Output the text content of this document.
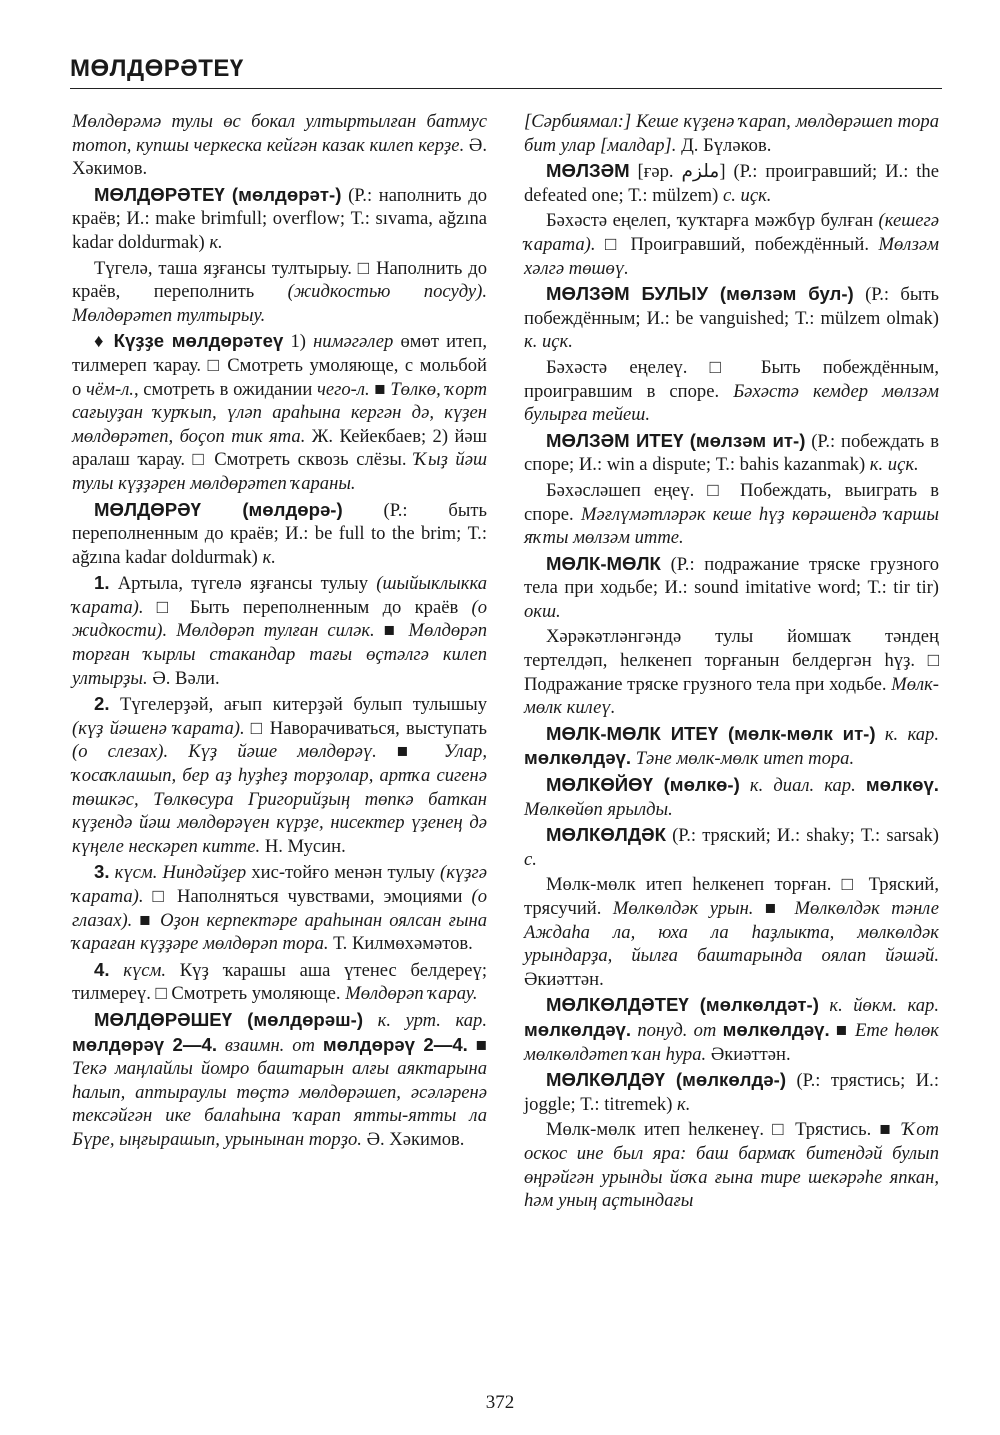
МӨЛДӨРӘТЕҮ

Мөлдөрәмә тулы өс бокал ултыртылған батмус тотоп, купшы черкеска кейгән казак килеп керҙе. Ә. Хәкимов.

МӨЛДӨРӘТЕҮ (мөлдөрәт-) (Р.: наполнить до краёв; И.: make brimfull; overflow; Т.: sıvama, ağzına kadar doldurmak) к.

Түгелә, таша яҙғансы тултырыу. □ Наполнить до краёв, переполнить (жидкостью посуду). Мөлдөрәтеп тултырыу.

♦ Күҙҙе мөлдөрәтеү 1) нимәгәлер өмөт итеп, тилмереп ҡарау. □ Смотреть умоляюще, с мольбой о чём-л., смотреть в ожидании чего-л. ■ Төлкө, ҡорт сағыуҙан ҡурҡып, үләп араһына кергән дә, күҙен мөлдөрәтеп, боҫоп тик ята. Ж. Кейекбаев; 2) йәш аралаш ҡарау. □ Смотреть сквозь слёзы. Ҡыҙ йәш тулы күҙҙәрен мөлдөрәтеп ҡараны.

МӨЛДӨРӘҮ (мөлдөрә-) (Р.: быть переполненным до краёв; И.: be full to the brim; Т.: ağzına kadar doldurmak) к.

1. Артыла, түгелә яҙғансы тулыу (шыйыклыкка ҡарата). □ Быть переполненным до краёв (о жидкости). Мөлдөрәп тулған силәк. ■ Мөлдөрәп торған ҡырлы стакандар тағы өҫтәлгә килеп ултырҙы. Ә. Вәли.

2. Түгелерҙәй, ағып китерҙәй булып тулышыу (күҙ йәшенә ҡарата). □ Наворачиваться, выступать (о слезах). Күҙ йәше мөлдөрәү. ■ Улар, ҡосаҡлашып, бер аҙ һуҙһеҙ торҙолар, артҡа сигенә төшкәс, Төлкөсура Григорийҙың төпкә баткан күҙендә йәш мөлдөрәүен күрҙе, нисектер үҙенең дә күңеле нескәреп китте. Н. Мусин.

3. күсм. Ниндәйҙер хис-тойғо менән тулыу (күҙгә ҡарата). □ Наполняться чувствами, эмоциями (о глазах). ■ Оҙон керпектәре араһынан оялсан ғына ҡараған күҙҙәре мөлдөрәп тора. Т. Килмөхәмәтов.

4. күсм. Күҙ ҡарашы аша үтенес белдереү; тилмереү. □ Смотреть умоляюще. Мөлдөрәп ҡарау.

МӨЛДӨРӘШЕҮ (мөлдөрәш-) к. урт. кар. мөлдөрәү 2—4. взаимн. от мөлдөрәү 2—4. ■ Текә маңлайлы йомро баштарын алғы аяктарына һалып, аптыраулы төҫтә мөлдөрәшеп, әсәләренә тексәйгән ике балаһына ҡарап ятты-ятты ла Бүре, ыңғырашып, урынынан торҙо. Ә. Хәкимов.

[Сәрбиямал:] Кеше күҙенә ҡарап, мөлдөрәшеп тора бит улар [малдар]. Д. Бүләков.

МӨЛЗӘМ [ғәр. ملزم] (Р.: проигравший; И.: the defeated one; Т.: mülzem) с. иҫк.

Бәхәстә еңелеп, ҡуҡтарға мәжбүр булған (кешегә ҡарата). □ Проигравший, побеждённый. Мөлзәм хәлгә төшөү.

МӨЛЗӘМ БУЛЫУ (мөлзәм бул-) (Р.: быть побеждённым; И.: be vanguished; Т.: mülzem olmak) к. иҫк.

Бәхәстә еңелеү. □ Быть побеждённым, проигравшим в споре. Бәхәстә кемдер мөлзәм булырға тейеш.

МӨЛЗӘМ ИТЕҮ (мөлзәм ит-) (Р.: побеждать в споре; И.: win a dispute; Т.: bahis kazanmak) к. иҫк.

Бәхәсләшеп еңеү. □ Побеждать, выиграть в споре. Мәғлүмәтләрәк кеше һүҙ көрәшендә ҡаршы яҡты мөлзәм итте.

МӨЛК-МӨЛК (Р.: подражание тряске грузного тела при ходьбе; И.: sound imitative word; Т.: tir tir) окш.

Хәрәкәтләнгәндә тулы йомшаҡ тәндең тертелдәп, һелкенеп торғанын белдергән һүҙ. □ Подражание тряске грузного тела при ходьбе. Мөлк-мөлк килеү.

МӨЛК-МӨЛК ИТЕҮ (мөлк-мөлк ит-) к. кар. мөлкөлдәү. Тәне мөлк-мөлк итеп тора.

МӨЛКӨЙӨҮ (мөлкө-) к. диал. кар. мөлкөү. Мөлкөйөп ярылды.

МӨЛКӨЛДӘК (Р.: тряский; И.: shaky; Т.: sarsak) с.

Мөлк-мөлк итеп һелкенеп торған. □ Тряский, трясучий. Мөлкөлдәк урын. ■ Мөлкөлдәк тәнле Аждаһа ла, юха ла һаҙлыкта, мөлкөлдәк урындарҙа, йылға баштарында оялап йәшәй. Әкиәттән.

МӨЛКӨЛДӘТЕҮ (мөлкөлдәт-) к. йөкм. кар. мөлкөлдәү. понуд. от мөлкөлдәү. ■ Ете һөлөк мөлкөлдәтеп ҡан һура. Әкиәттән.

МӨЛКӨЛДӘҮ (мөлкөлдә-) (Р.: трястись; И.: joggle; Т.: titremek) к.

Мөлк-мөлк итеп һелкенеү. □ Трястись. ■ Ҡот оскос ине был яра: баш бармаҡ битендәй булып өңрәйгән урынды йоҡа ғына тире шекәрәһе япкан, һәм уның аҫтындағы

372
